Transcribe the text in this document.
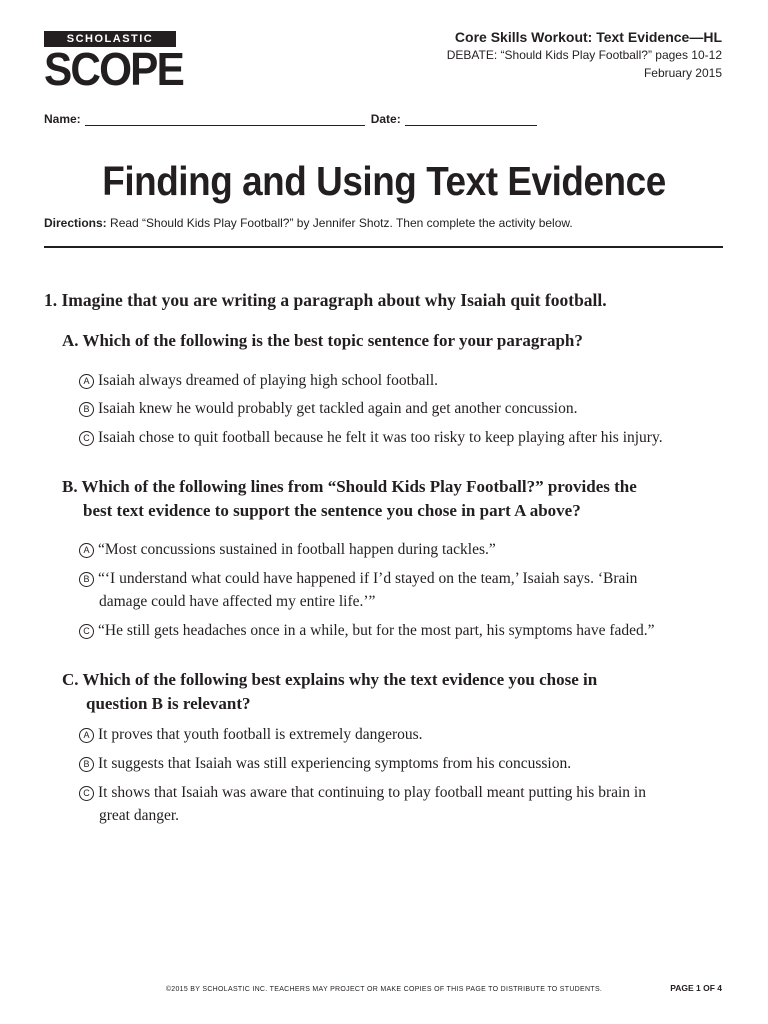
SCHOLASTIC
SCOPE
Core Skills Workout: Text Evidence—HL
DEBATE: “Should Kids Play Football?” pages 10-12
February 2015
Name:	Date:
Finding and Using Text Evidence
Directions: Read “Should Kids Play Football?” by Jennifer Shotz. Then complete the activity below.
1. Imagine that you are writing a paragraph about why Isaiah quit football.
A. Which of the following is the best topic sentence for your paragraph?
A Isaiah always dreamed of playing high school football.
B Isaiah knew he would probably get tackled again and get another concussion.
C Isaiah chose to quit football because he felt it was too risky to keep playing after his injury.
B. Which of the following lines from “Should Kids Play Football?” provides the
best text evidence to support the sentence you chose in part A above?
A “Most concussions sustained in football happen during tackles.”
B “‘I understand what could have happened if I’d stayed on the team,’ Isaiah says. ‘Brain
damage could have affected my entire life.’”
C “He still gets headaches once in a while, but for the most part, his symptoms have faded.”
C. Which of the following best explains why the text evidence you chose in
question B is relevant?
A It proves that youth football is extremely dangerous.
B It suggests that Isaiah was still experiencing symptoms from his concussion.
C It shows that Isaiah was aware that continuing to play football meant putting his brain in
great danger.
©2015 BY SCHOLASTIC INC. TEACHERS MAY PROJECT OR MAKE COPIES OF THIS PAGE TO DISTRIBUTE TO STUDENTS.	PAGE 1 OF 4
